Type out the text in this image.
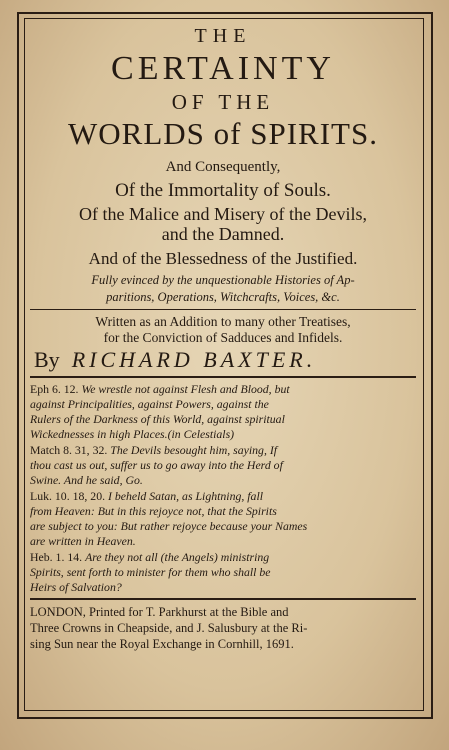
THE
CERTAINTY
OF THE
WORLDS of SPIRITS.
And Consequently,
Of the Immortality of Souls.
Of the Malice and Misery of the Devils,
and the Damned.
And of the Blessedness of the Justified.
Fully evinced by the unquestionable Histories of Ap-
paritions, Operations, Witchcrafts, Voices, &c.
Written as an Addition to many other Treatises,
for the Conviction of Sadduces and Infidels.
By RICHARD BAXTER.
Eph 6. 12. We wrestle not against Flesh and Blood, but
against Principalities, against Powers, against the
Rulers of the Darkness of this World, against spiritual
Wickednesses in high Places.(in Celestials)
Match 8. 31, 32. The Devils besought him, saying, If
thou cast us out, suffer us to go away into the Herd of
Swine. And he said, Go.
Luk. 10. 18, 20. I beheld Satan, as Lightning, fall
from Heaven: But in this rejoyce not, that the Spirits
are subject to you: But rather rejoyce because your Names
are written in Heaven.
Heb. 1. 14. Are they not all (the Angels) ministring
Spirits, sent forth to minister for them who shall be
Heirs of Salvation?
LONDON, Printed for T. Parkhurst at the Bible and
Three Crowns in Cheapside, and J. Salusbury at the Ri-
sing Sun near the Royal Exchange in Cornhill, 1691.
